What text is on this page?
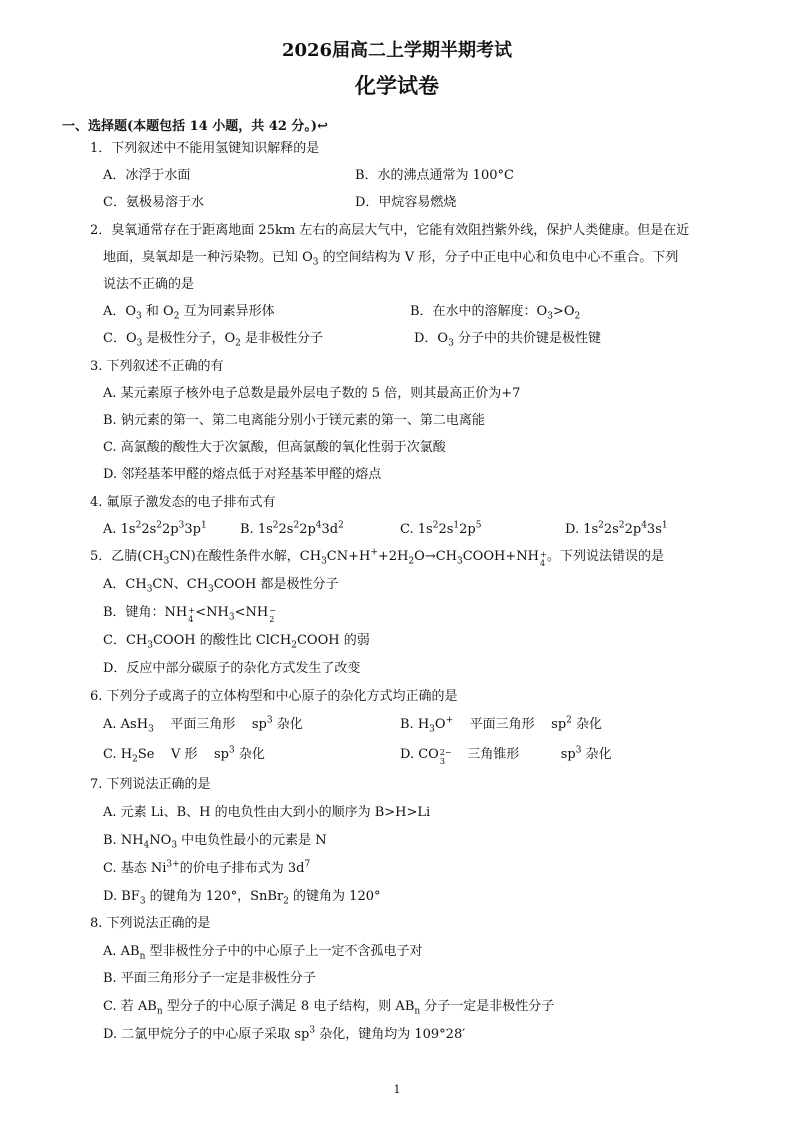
2026届高二上学期半期考试
化学试卷
一、选择题(本题包括 14 小题，共 42 分。)↩
1．下列叙述中不能用氢键知识解释的是
A．冰浮于水面	B．水的沸点通常为 100°C
C．氨极易溶于水	D．甲烷容易燃烧
2．臭氧通常存在于距离地面 25km 左右的高层大气中，它能有效阻挡紫外线，保护人类健康。但是在近
地面，臭氧却是一种污染物。已知 $O_3$ 的空间结构为 V 形，分子中正电中心和负电中心不重合。下列
说法不正确的是
A．$O_3$ 和 $O_2$ 互为同素异形体	B．在水中的溶解度：$O_3>O_2$
C．$O_3$ 是极性分子，$O_2$ 是非极性分子	D．$O_3$ 分子中的共价键是极性键
3. 下列叙述不正确的有
A. 某元素原子核外电子总数是最外层电子数的 5 倍，则其最高正价为+7
B. 钠元素的第一、第二电离能分别小于镁元素的第一、第二电离能
C. 高氯酸的酸性大于次氯酸，但高氯酸的氧化性弱于次氯酸
D. 邻羟基苯甲醛的熔点低于对羟基苯甲醛的熔点
4. 氟原子激发态的电子排布式有
A. $1s^22s^22p^33p^1$	B. $1s^22s^22p^43d^2$	C. $1s^22s^12p^5$	D. $1s^22s^22p^43s^1$
5．乙腈$(CH_3CN)$在酸性条件水解，$CH_3CN+H^++2H_2O\to CH_3COOH+NH$ +
4 。下列说法错误的是
A．$CH_3CN$、$CH_3COOH$ 都是极性分子
B．键角：NH +
$4 <NH_3<NH$ −
2
C．$CH_3COOH$ 的酸性比 ClCH$_2$COOH 的弱
D．反应中部分碳原子的杂化方式发生了改变
6. 下列分子或离子的立体构型和中心原子的杂化方式均正确的是
A. AsH$_3$    平面三角形    $sp^3$ 杂化	B. $H_3O^+$    平面三角形    $sp^2$ 杂化
C. $H_2Se$    V 形    $sp^3$ 杂化	D. CO 2−
3 三角锥形          $sp^3$ 杂化
7. 下列说法正确的是
A. 元素 Li、B、H 的电负性由大到小的顺序为 B>H>Li
B. $NH_4NO_3$ 中电负性最小的元素是 N
C. 基态 $Ni^{3+}$的价电子排布式为 $3d^7$
D. $BF_3$ 的键角为 120°，SnBr$_2$ 的键角为 120°
8. 下列说法正确的是
A. $AB_n$ 型非极性分子中的中心原子上一定不含孤电子对
B. 平面三角形分子一定是非极性分子
C. 若 $AB_n$ 型分子的中心原子满足 8 电子结构，则 $AB_n$ 分子一定是非极性分子
D. 二氯甲烷分子的中心原子采取 $sp^3$ 杂化，键角均为 109°28′
1
